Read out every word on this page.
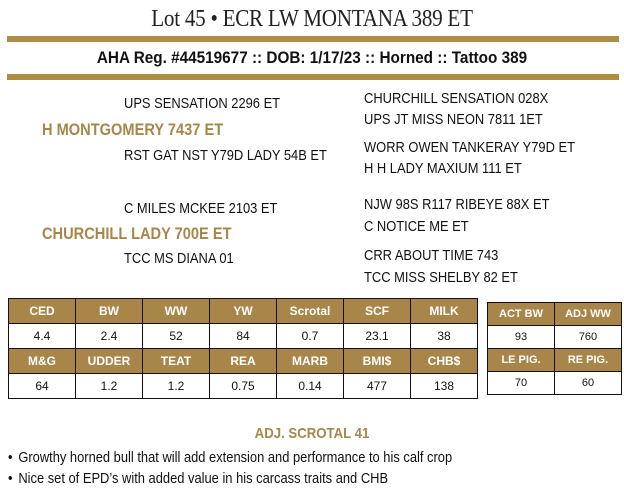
Lot 45 • ECR LW MONTANA 389 ET
AHA Reg. #44519677 :: DOB: 1/17/23 :: Horned :: Tattoo 389
UPS SENSATION 2296 ET
H MONTGOMERY 7437 ET
RST GAT NST Y79D LADY 54B ET
CHURCHILL SENSATION 028X
UPS JT MISS NEON 7811 1ET
WORR OWEN TANKERAY Y79D ET
H H LADY MAXIUM 111 ET
C MILES MCKEE 2103 ET
CHURCHILL LADY 700E ET
TCC MS DIANA 01
NJW 98S R117 RIBEYE 88X ET
C NOTICE ME ET
CRR ABOUT TIME 743
TCC MISS SHELBY 82 ET
CED	BW	WW	YW	Scrotal	SCF	MILK
4.4	2.4	52	84	0.7	23.1	38
M&G	UDDER	TEAT	REA	MARB	BMI$	CHB$
64	1.2	1.2	0.75	0.14	477	138
ACT BW	ADJ WW
93	760
LE PIG.	RE PIG.
70	60
ADJ. SCROTAL 41
• Growthy horned bull that will add extension and performance to his calf crop
• Nice set of EPD’s with added value in his carcass traits and CHB
